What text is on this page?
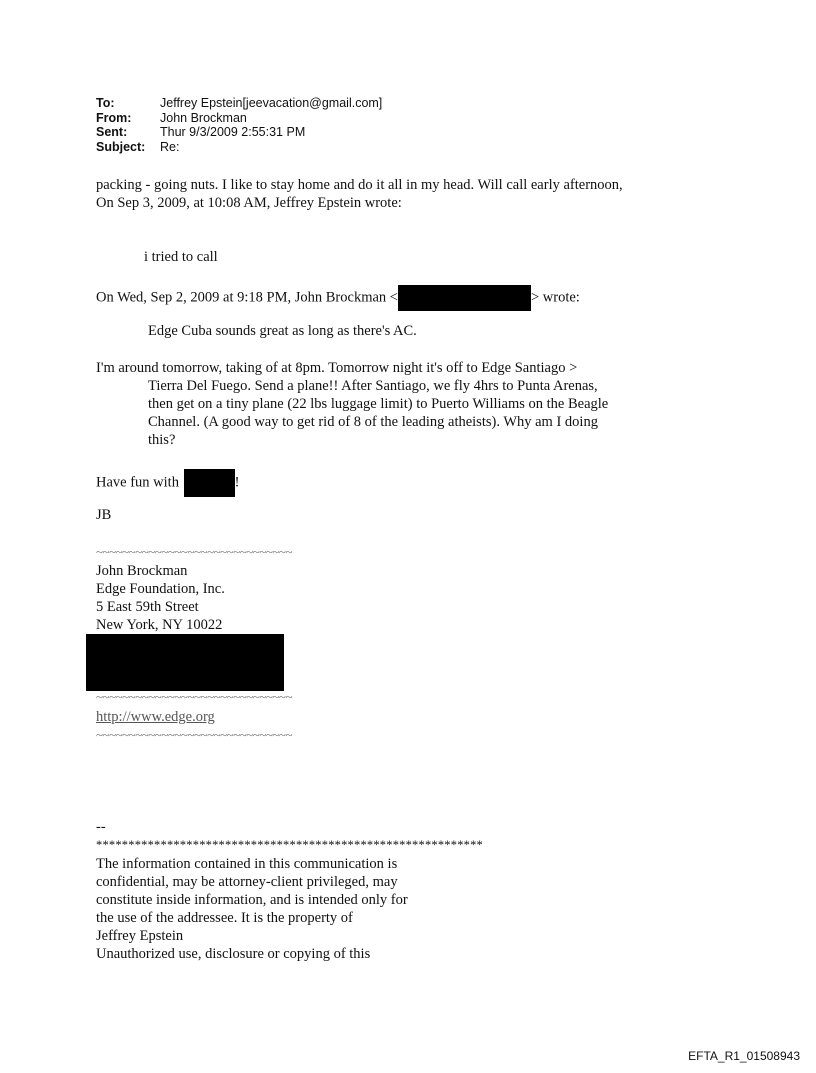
To:	Jeffrey Epstein[jeevacation@gmail.com]
From:	John Brockman
Sent:	Thur 9/3/2009 2:55:31 PM
Subject:	Re:
packing - going nuts. I like to stay home and do it all in my head. Will call early afternoon,
On Sep 3, 2009, at 10:08 AM, Jeffrey Epstein wrote:
i tried to call
On Wed, Sep 2, 2009 at 9:18 PM, John Brockman <	> wrote:
Edge Cuba sounds great as long as there's AC.
I'm around tomorrow, taking of at 8pm. Tomorrow night it's off to Edge Santiago >
Tierra Del Fuego. Send a plane!! After Santiago, we fly 4hrs to Punta Arenas,
then get on a tiny plane (22 lbs luggage limit) to Puerto Williams on the Beagle
Channel. (A good way to get rid of 8 of the leading atheists). Why am I doing
this?
Have fun with	!
JB
~~~~~~~~~~~~~~~~~~~~~~~~~~~~~~
John Brockman
Edge Foundation, Inc.
5 East 59th Street
New York, NY 10022
~~~~~~~~~~~~~~~~~~~~~~~~~~~~~~
http://www.edge.org
~~~~~~~~~~~~~~~~~~~~~~~~~~~~~~
--
************************************************************
The information contained in this communication is
confidential, may be attorney-client privileged, may
constitute inside information, and is intended only for
the use of the addressee. It is the property of
Jeffrey Epstein
Unauthorized use, disclosure or copying of this
EFTA_R1_01508943
